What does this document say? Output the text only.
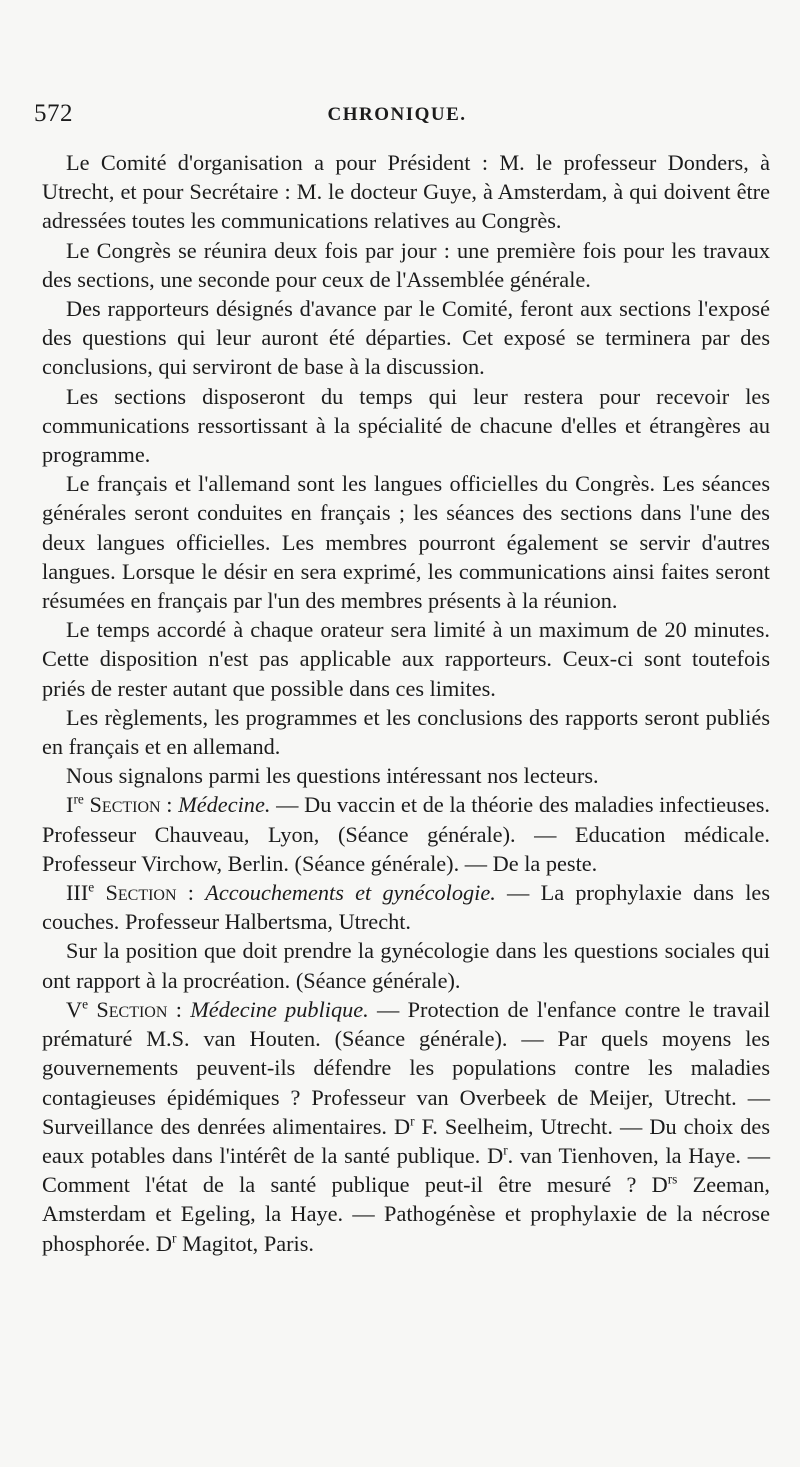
572	CHRONIQUE.

Le Comité d'organisation a pour Président : M. le professeur Donders, à Utrecht, et pour Secrétaire : M. le docteur Guye, à Amsterdam, à qui doivent être adressées toutes les communications relatives au Congrès.

Le Congrès se réunira deux fois par jour : une première fois pour les travaux des sections, une seconde pour ceux de l'Assemblée générale.

Des rapporteurs désignés d'avance par le Comité, feront aux sections l'exposé des questions qui leur auront été départies. Cet exposé se terminera par des conclusions, qui serviront de base à la discussion.

Les sections disposeront du temps qui leur restera pour recevoir les communications ressortissant à la spécialité de chacune d'elles et étrangères au programme.

Le français et l'allemand sont les langues officielles du Congrès. Les séances générales seront conduites en français ; les séances des sections dans l'une des deux langues officielles. Les membres pourront également se servir d'autres langues. Lorsque le désir en sera exprimé, les communications ainsi faites seront résumées en français par l'un des membres présents à la réunion.

Le temps accordé à chaque orateur sera limité à un maximum de 20 minutes. Cette disposition n'est pas applicable aux rapporteurs. Ceux-ci sont toutefois priés de rester autant que possible dans ces limites.

Les règlements, les programmes et les conclusions des rapports seront publiés en français et en allemand.

Nous signalons parmi les questions intéressant nos lecteurs.

Ire Section : Médecine. — Du vaccin et de la théorie des maladies infectieuses. Professeur Chauveau, Lyon, (Séance générale). — Education médicale. Professeur Virchow, Berlin. (Séance générale). — De la peste.

IIIe Section : Accouchements et gynécologie. — La prophylaxie dans les couches. Professeur Halbertsma, Utrecht.

Sur la position que doit prendre la gynécologie dans les questions sociales qui ont rapport à la procréation. (Séance générale).

Ve Section : Médecine publique. — Protection de l'enfance contre le travail prématuré M.S. van Houten. (Séance générale). — Par quels moyens les gouvernements peuvent-ils défendre les populations contre les maladies contagieuses épidémiques ? Professeur van Overbeek de Meijer, Utrecht. — Surveillance des denrées alimentaires. $D^r$ F. Seelheim, Utrecht. — Du choix des eaux potables dans l'intérêt de la santé publique. $D^r$. van Tienhoven, la Haye. — Comment l'état de la santé publique peut-il être mesuré ? $D^{rs}$ Zeeman, Amsterdam et Egeling, la Haye. — Pathogénèse et prophylaxie de la nécrose phosphorée. $D^r$ Magitot, Paris.
